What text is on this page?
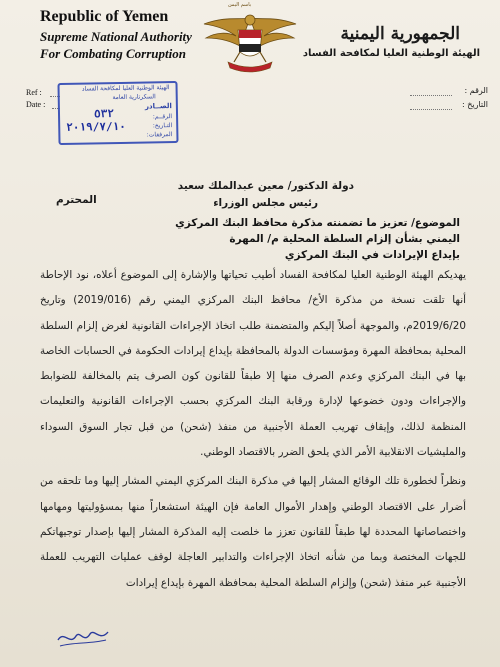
Republic of Yemen
Supreme National Authority
For Combating Corruption
Ref :
Date :
باسم اليمن
الجمهورية اليمنية
الهيئة الوطنية العليا لمكافحة الفساد
الرقم :
التاريخ :
الهيئة الوطنية العليا لمكافحة الفساد
السكرتارية العامة
الصــادر
الرقــم:
٥٣٢
التـاريخ:
٢٠١٩/٧/١٠
المرفقات:
دولة الدكتور/ معين عبدالملك سعيد
رئيس مجلس الوزراء
المحترم
الموضوع/ تعزيز ما تضمنته مذكرة محافظ البنك المركزي
اليمني بشأن إلزام السلطة المحلية م/ المهرة
بإيداع الإيرادات في البنك المركزي

يهديكم الهيئة الوطنية العليا لمكافحة الفساد أطيب تحياتها والإشارة إلى الموضوع أعلاه، نود الإحاطة أنها تلقت نسخة من مذكرة الأخ/ محافظ البنك المركزي اليمني رقم (2019/016) وتاريخ 2019/6/20م، والموجهة أصلاً إليكم والمتضمنة طلب اتخاذ الإجراءات القانونية لغرض إلزام السلطة المحلية بمحافظة المهرة ومؤسسات الدولة بالمحافظة بإيداع إيرادات الحكومة في الحسابات الخاصة بها في البنك المركزي وعدم الصرف منها إلا طبقاً للقانون كون الصرف يتم بالمخالفة للضوابط والإجراءات ودون خضوعها لإدارة ورقابة البنك المركزي بحسب الإجراءات القانونية والتعليمات المنظمة لذلك، وإيقاف تهريب العملة الأجنبية من منفذ (شحن) من قبل تجار السوق السوداء والمليشيات الانقلابية الأمر الذي يلحق الضرر بالاقتصاد الوطني.

ونظراً لخطورة تلك الوقائع المشار إليها في مذكرة البنك المركزي اليمني المشار إليها وما تلحقه من أضرار على الاقتصاد الوطني وإهدار الأموال العامة فإن الهيئة استشعاراً منها بمسؤوليتها ومهامها واختصاصاتها المحددة لها طبقاً للقانون تعزز ما خلصت إليه المذكرة المشار إليها بإصدار توجيهاتكم للجهات المختصة وبما من شأنه اتخاذ الإجراءات والتدابير العاجلة لوقف عمليات التهريب للعملة الأجنبية عبر منفذ (شحن) وإلزام السلطة المحلية بمحافظة المهرة بإيداع إيرادات
